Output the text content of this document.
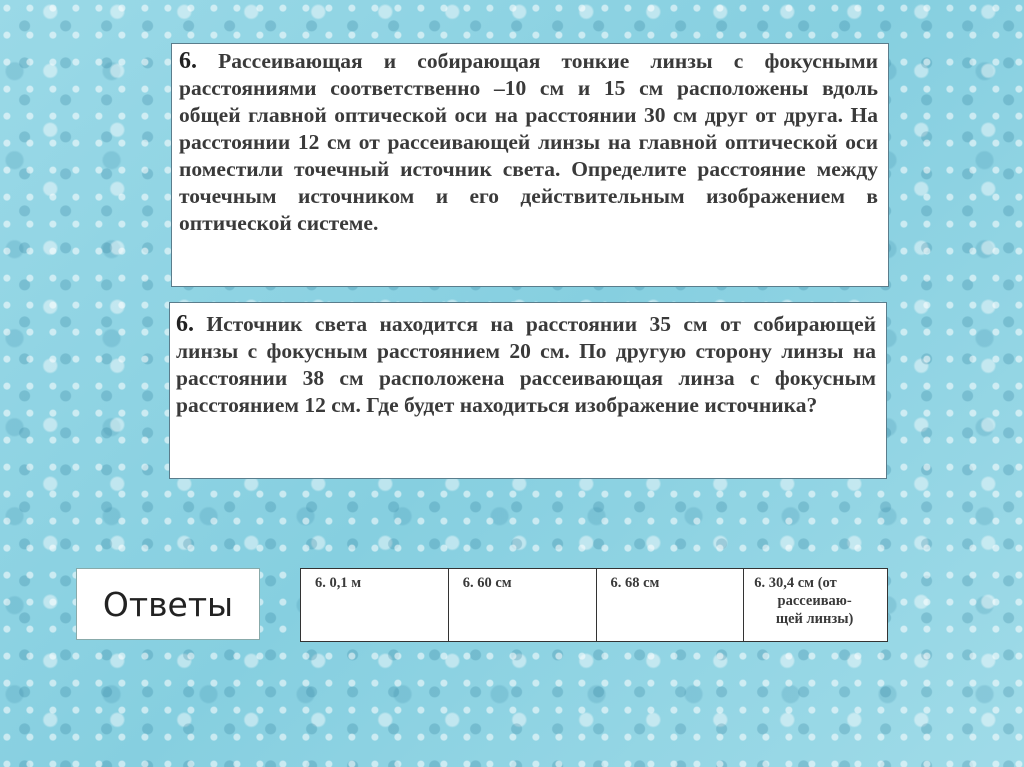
6. Рассеивающая и собирающая тонкие линзы с фокусными расстояниями соответственно –10 см и 15 см расположены вдоль общей главной оптической оси на расстоянии 30 см друг от друга. На расстоянии 12 см от рассеивающей линзы на главной оптической оси поместили точечный источник света. Определите расстояние между точечным источником и его действительным изображением в оптической системе.

6. Источник света находится на расстоянии 35 см от собирающей линзы с фокусным расстоянием 20 см. По другую сторону линзы на расстоянии 38 см расположена рассеивающая линза с фокусным расстоянием 12 см. Где будет находиться изображение источника?

Ответы
6. 0,1 м	6. 60 см	6. 68 см	6. 30,4 см (от
рассеиваю-
щей линзы)
